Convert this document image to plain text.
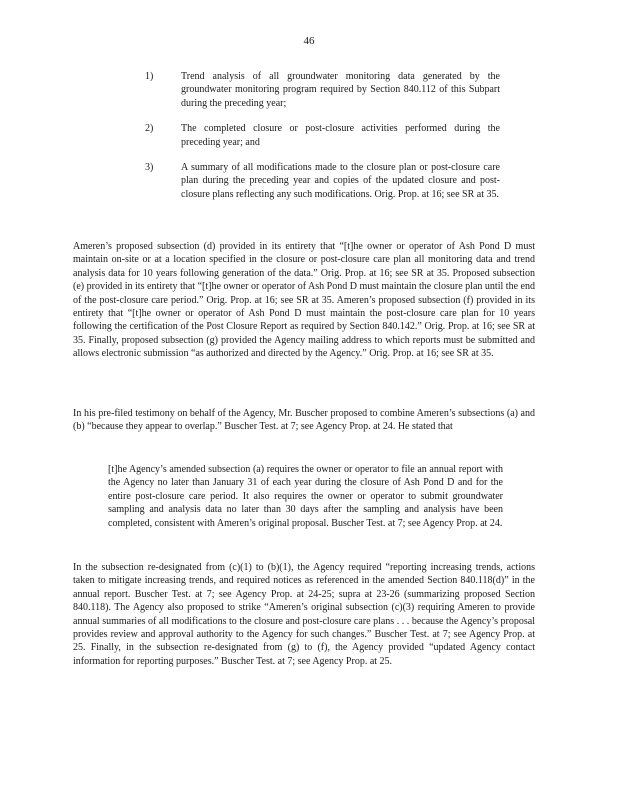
46
1)	Trend analysis of all groundwater monitoring data generated by the groundwater monitoring program required by Section 840.112 of this Subpart during the preceding year;
2)	The completed closure or post-closure activities performed during the preceding year; and
3)	A summary of all modifications made to the closure plan or post-closure care plan during the preceding year and copies of the updated closure and post-closure plans reflecting any such modifications. Orig. Prop. at 16; see SR at 35.

Ameren’s proposed subsection (d) provided in its entirety that “[t]he owner or operator of Ash Pond D must maintain on-site or at a location specified in the closure or post-closure care plan all monitoring data and trend analysis data for 10 years following generation of the data.” Orig. Prop. at 16; see SR at 35. Proposed subsection (e) provided in its entirety that “[t]he owner or operator of Ash Pond D must maintain the closure plan until the end of the post-closure care period.” Orig. Prop. at 16; see SR at 35. Ameren’s proposed subsection (f) provided in its entirety that “[t]he owner or operator of Ash Pond D must maintain the post-closure care plan for 10 years following the certification of the Post Closure Report as required by Section 840.142.” Orig. Prop. at 16; see SR at 35. Finally, proposed subsection (g) provided the Agency mailing address to which reports must be submitted and allows electronic submission “as authorized and directed by the Agency.” Orig. Prop. at 16; see SR at 35.

In his pre-filed testimony on behalf of the Agency, Mr. Buscher proposed to combine Ameren’s subsections (a) and (b) “because they appear to overlap.” Buscher Test. at 7; see Agency Prop. at 24. He stated that

[t]he Agency’s amended subsection (a) requires the owner or operator to file an annual report with the Agency no later than January 31 of each year during the closure of Ash Pond D and for the entire post-closure care period. It also requires the owner or operator to submit groundwater sampling and analysis data no later than 30 days after the sampling and analysis have been completed, consistent with Ameren’s original proposal. Buscher Test. at 7; see Agency Prop. at 24.

In the subsection re-designated from (c)(1) to (b)(1), the Agency required “reporting increasing trends, actions taken to mitigate increasing trends, and required notices as referenced in the amended Section 840.118(d)” in the annual report. Buscher Test. at 7; see Agency Prop. at 24-25; supra at 23-26 (summarizing proposed Section 840.118). The Agency also proposed to strike “Ameren’s original subsection (c)(3) requiring Ameren to provide annual summaries of all modifications to the closure and post-closure care plans . . . because the Agency’s proposal provides review and approval authority to the Agency for such changes.” Buscher Test. at 7; see Agency Prop. at 25. Finally, in the subsection re-designated from (g) to (f), the Agency provided “updated Agency contact information for reporting purposes.” Buscher Test. at 7; see Agency Prop. at 25.
